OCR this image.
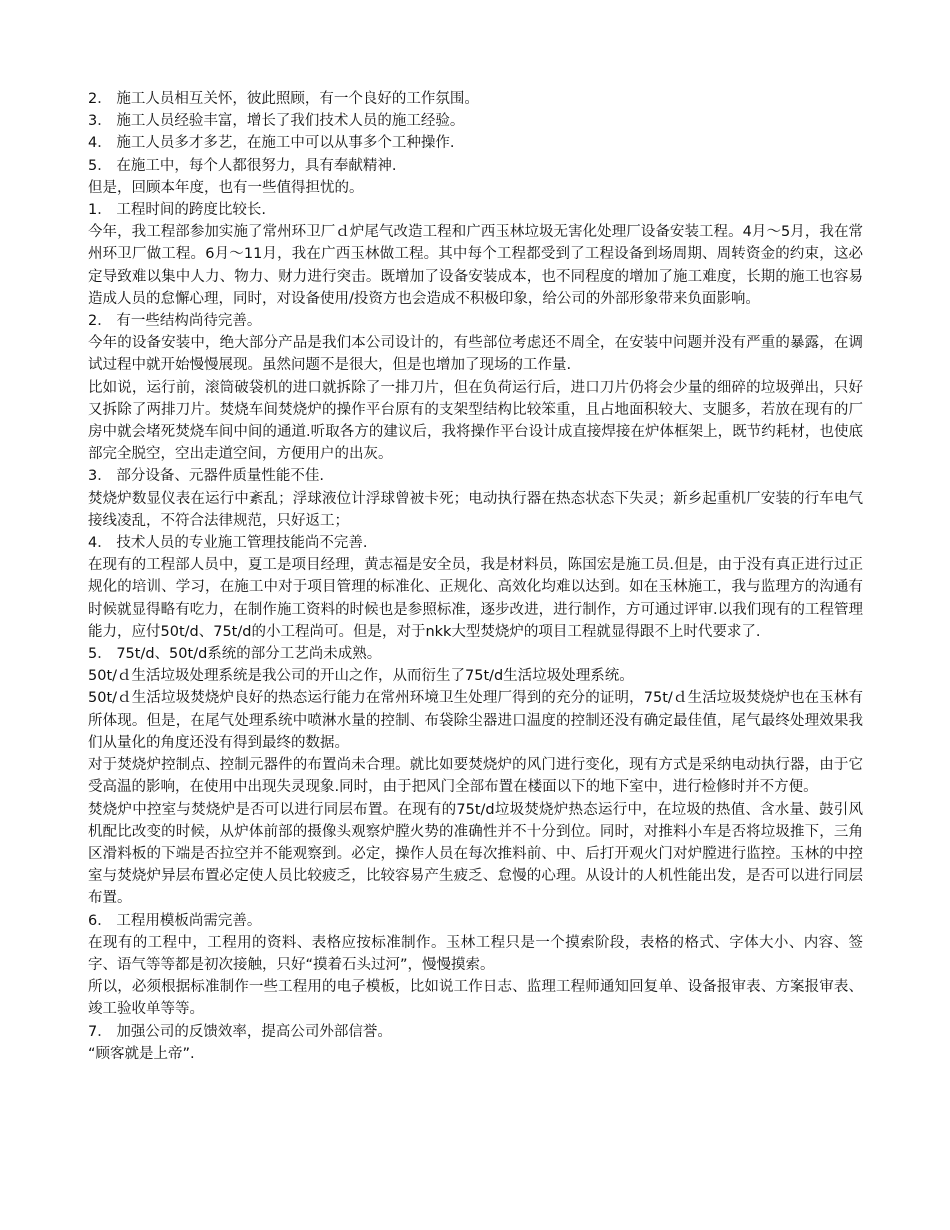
2． 施工人员相互关怀，彼此照顾，有一个良好的工作氛围。

3． 施工人员经验丰富，增长了我们技术人员的施工经验。

4． 施工人员多才多艺，在施工中可以从事多个工种操作.

5． 在施工中，每个人都很努力，具有奉献精神.

但是，回顾本年度，也有一些值得担忧的。

1． 工程时间的跨度比较长.

今年，我工程部参加实施了常州环卫厂ｄ炉尾气改造工程和广西玉林垃圾无害化处理厂设备安装工程。4月～5月，我在常州环卫厂做工程。6月～11月，我在广西玉林做工程。其中每个工程都受到了工程设备到场周期、周转资金的约束，这必定导致难以集中人力、物力、财力进行突击。既增加了设备安装成本，也不同程度的增加了施工难度，长期的施工也容易造成人员的怠懈心理，同时，对设备使用/投资方也会造成不积极印象，给公司的外部形象带来负面影响。

2． 有一些结构尚待完善。

今年的设备安装中，绝大部分产品是我们本公司设计的，有些部位考虑还不周全，在安装中问题并没有严重的暴露，在调试过程中就开始慢慢展现。虽然问题不是很大，但是也增加了现场的工作量.

比如说，运行前，滚筒破袋机的进口就拆除了一排刀片，但在负荷运行后，进口刀片仍将会少量的细碎的垃圾弹出，只好又拆除了两排刀片。焚烧车间焚烧炉的操作平台原有的支架型结构比较笨重，且占地面积较大、支腿多，若放在现有的厂房中就会堵死焚烧车间中间的通道.听取各方的建议后，我将操作平台设计成直接焊接在炉体框架上，既节约耗材，也使底部完全脱空，空出走道空间，方便用户的出灰。

3． 部分设备、元器件质量性能不佳.

焚烧炉数显仪表在运行中紊乱；浮球液位计浮球曾被卡死；电动执行器在热态状态下失灵；新乡起重机厂安装的行车电气接线凌乱，不符合法律规范，只好返工；

4． 技术人员的专业施工管理技能尚不完善.

在现有的工程部人员中，夏工是项目经理，黄志福是安全员，我是材料员，陈国宏是施工员.但是，由于没有真正进行过正规化的培训、学习，在施工中对于项目管理的标准化、正规化、高效化均难以达到。如在玉林施工，我与监理方的沟通有时候就显得略有吃力，在制作施工资料的时候也是参照标准，逐步改进，进行制作，方可通过评审.以我们现有的工程管理能力，应付50t/d、75t/d的小工程尚可。但是，对于nkk大型焚烧炉的项目工程就显得跟不上时代要求了.

5． 75t/d、50t/d系统的部分工艺尚未成熟。

50t/ｄ生活垃圾处理系统是我公司的开山之作，从而衍生了75t/d生活垃圾处理系统。

50t/ｄ生活垃圾焚烧炉良好的热态运行能力在常州环境卫生处理厂得到的充分的证明，75t/ｄ生活垃圾焚烧炉也在玉林有所体现。但是，在尾气处理系统中喷淋水量的控制、布袋除尘器进口温度的控制还没有确定最佳值，尾气最终处理效果我们从量化的角度还没有得到最终的数据。

对于焚烧炉控制点、控制元器件的布置尚未合理。就比如要焚烧炉的风门进行变化，现有方式是采纳电动执行器，由于它受高温的影响，在使用中出现失灵现象.同时，由于把风门全部布置在楼面以下的地下室中，进行检修时并不方便。

焚烧炉中控室与焚烧炉是否可以进行同层布置。在现有的75t/d垃圾焚烧炉热态运行中，在垃圾的热值、含水量、鼓引风机配比改变的时候，从炉体前部的摄像头观察炉膛火势的准确性并不十分到位。同时，对推料小车是否将垃圾推下，三角区滑料板的下端是否拉空并不能观察到。必定，操作人员在每次推料前、中、后打开观火门对炉膛进行监控。玉林的中控室与焚烧炉异层布置必定使人员比较疲乏，比较容易产生疲乏、怠慢的心理。从设计的人机性能出发，是否可以进行同层布置。

6． 工程用模板尚需完善。

在现有的工程中，工程用的资料、表格应按标准制作。玉林工程只是一个摸索阶段，表格的格式、字体大小、内容、签字、语气等等都是初次接触，只好“摸着石头过河”，慢慢摸索。

所以，必须根据标准制作一些工程用的电子模板，比如说工作日志、监理工程师通知回复单、设备报审表、方案报审表、竣工验收单等等。

7． 加强公司的反馈效率，提高公司外部信誉。

“顾客就是上帝”.
